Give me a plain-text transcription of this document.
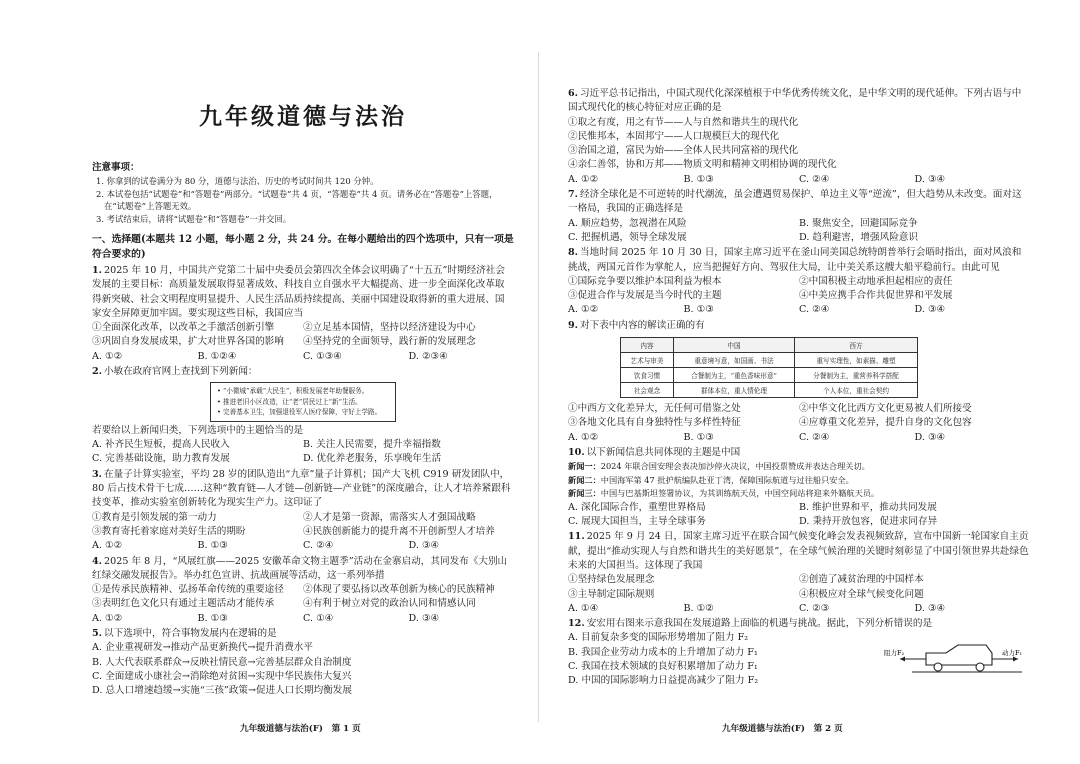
九年级道德与法治
注意事项：
1. 你拿到的试卷满分为 80 分，道德与法治、历史的考试时间共 120 分钟。
2. 本试卷包括“试题卷”和“答题卷”两部分。“试题卷”共 4 页，“答题卷”共 4 页。请务必在“答题卷”上答题，在“试题卷”上答题无效。
3. 考试结束后，请将“试题卷”和“答题卷”一并交回。
一、选择题(本题共 12 小题，每小题 2 分，共 24 分。在每小题给出的四个选项中，只有一项是符合要求的)
1. 2025 年 10 月，中国共产党第二十届中央委员会第四次全体会议明确了“十五五”时期经济社会发展的主要目标：高质量发展取得显著成效、科技自立自强水平大幅提高、进一步全面深化改革取得新突破、社会文明程度明显提升、人民生活品质持续提高、美丽中国建设取得新的重大进展、国家安全屏障更加牢固。要实现这些目标，我国应当
①全面深化改革，以改革之手激活创新引擎	②立足基本国情，坚持以经济建设为中心
③巩固自身发展成果，扩大对世界各国的影响	④坚持党的全面领导，践行新的发展理念
A. ①②	B. ①②④	C. ①③④	D. ②③④
2. 小敏在政府官网上查找到下列新闻：
• “小微城”承载“大民生”，积极发展老年助餐服务。
• 推进老旧小区改造，让“老”居民过上“新”生活。
• 完善基本卫生，加强退役军人医疗保障，守好上学路。
若要给以上新闻归类，下列选项中的主题恰当的是
A. 补齐民生短板，提高人民收入	B. 关注人民需要，提升幸福指数
C. 完善基础设施，助力教育发展	D. 优化养老服务，乐享晚年生活
3. 在量子计算实验室，平均 28 岁的团队造出“九章”量子计算机；国产大飞机 C919 研发团队中，80 后占技术骨干七成……这种“教育链—人才链—创新链—产业链”的深度融合，让人才培养紧跟科技变革，推动实验室创新转化为现实生产力。这印证了
①教育是引领发展的第一动力	②人才是第一资源，需落实人才强国战略
③教育寄托着家庭对美好生活的期盼	④民族创新能力的提升离不开创新型人才培养
A. ①②	B. ①③	C. ②④	D. ③④
4. 2025 年 8 月，“风展红旗——2025 安徽革命文物主题季”活动在金寨启动，其同发布《大别山红绿交融发展报告》。举办红色宣讲、抗战画展等活动，这一系列举措
①是传承民族精神、弘扬革命传统的重要途径	②体现了要弘扬以改革创新为核心的民族精神
③表明红色文化只有通过主题活动才能传承	④有利于树立对党的政治认同和情感认同
A. ①②	B. ①③	C. ①④	D. ③④
5. 以下选项中，符合事物发展内在逻辑的是
A. 企业重视研发→推动产品更新换代→提升消费水平
B. 人大代表联系群众→反映社情民意→完善基层群众自治制度
C. 全面建成小康社会→消除绝对贫困→实现中华民族伟大复兴
D. 总人口增速趋缓→实施“三孩”政策→促进人口长期均衡发展
九年级道德与法治(F)　第 1 页
6. 习近平总书记指出，中国式现代化深深植根于中华优秀传统文化，是中华文明的现代延伸。下列古语与中国式现代化的核心特征对应正确的是
①取之有度，用之有节——人与自然和谐共生的现代化
②民惟邦本，本固邦宁——人口规模巨大的现代化
③治国之道，富民为始——全体人民共同富裕的现代化
④亲仁善邻，协和万邦——物质文明和精神文明相协调的现代化
A. ①②	B. ①③	C. ②④	D. ③④
7. 经济全球化是不可逆转的时代潮流，虽会遭遇贸易保护、单边主义等“逆流”，但大趋势从未改变。面对这一格局，我国的正确选择是
A. 顺应趋势，忽视潜在风险	B. 聚焦安全，回避国际竞争
C. 把握机遇，领导全球发展	D. 趋利避害，增强风险意识
8. 当地时间 2025 年 10 月 30 日，国家主席习近平在釜山同美国总统特朗普举行会晤时指出，面对风浪和挑战，两国元首作为掌舵人，应当把握好方向、驾驭住大局，让中美关系这艘大船平稳前行。由此可见
①国际竞争要以维护本国利益为根本	②中国积极主动地承担起相应的责任
③促进合作与发展是当今时代的主题	④中美应携手合作共促世界和平发展
A. ①②	B. ①③	C. ②④	D. ③④
9. 对下表中内容的解读正确的有
内容	中国	西方
艺术与审美	重意境写意，如国画、书法	重写实理性，如素描、雕塑
饮食习惯	合餐制为主，“重色香味形意”	分餐制为主，重营养科学搭配
社会观念	群体本位，重人情伦理	个人本位，重社会契约
①中西方文化差异大，无任何可借鉴之处	②中华文化比西方文化更易被人们所接受
③各地文化具有自身独特性与多样性特征	④应尊重文化差异，提升自身的文化包容
A. ①②	B. ①③	C. ②④	D. ③④
10. 以下新闻信息共同体现的主题是中国
新闻一：2024 年联合国安理会表决加沙停火决议，中国投票赞成并表达合理关切。
新闻二：中国海军第 47 批护航编队赴亚丁湾，保障国际航道与过往船只安全。
新闻三：中国与巴基斯坦签署协议，为其训练航天员，中国空间站将迎来外籍航天员。
A. 深化国际合作，重塑世界格局	B. 维护世界和平，推动共同发展
C. 展现大国担当，主导全球事务	D. 秉持开放包容，促进求同存异
11. 2025 年 9 月 24 日，国家主席习近平在联合国气候变化峰会发表视频致辞，宣布中国新一轮国家自主贡献，提出“推动实现人与自然和谐共生的美好愿景”，在全球气候治理的关键时刻彰显了中国引领世界共赴绿色未来的大国担当。这体现了我国
①坚持绿色发展理念	②创造了减贫治理的中国样本
③主导制定国际规则	④积极应对全球气候变化问题
A. ①④	B. ①②	C. ②③	D. ③④
12. 安宏用右图来示意我国在发展道路上面临的机遇与挑战。据此，下列分析错误的是
A. 目前复杂多变的国际形势增加了阻力 F₂
B. 我国企业劳动力成本的上升增加了动力 F₁
C. 我国在技术领域的良好积累增加了动力 F₁
D. 中国的国际影响力日益提高减少了阻力 F₂
阻力F₂	动力F₁
九年级道德与法治(F)　第 2 页
